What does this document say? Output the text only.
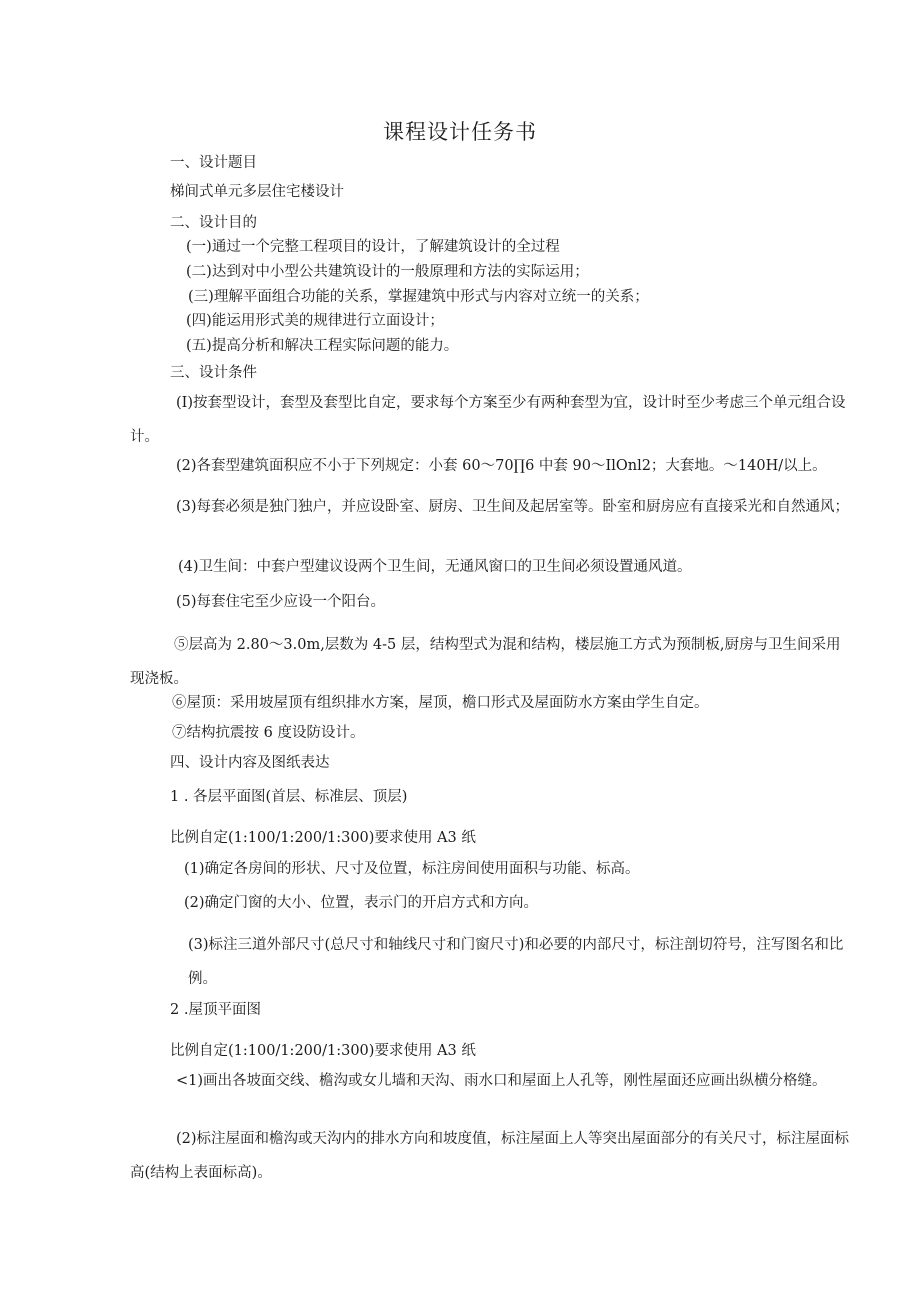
课程设计任务书
一、设计题目
梯间式单元多层住宅楼设计
二、设计目的
(一)通过一个完整工程项目的设计，了解建筑设计的全过程
(二)达到对中小型公共建筑设计的一般原理和方法的实际运用；
(三)理解平面组合功能的关系，掌握建筑中形式与内容对立统一的关系；
(四)能运用形式美的规律进行立面设计；
(五)提高分析和解决工程实际问题的能力。
三、设计条件
(I)按套型设计，套型及套型比自定，要求每个方案至少有两种套型为宜，设计时至少考虑三个单元组合设计。
(2)各套型建筑面积应不小于下列规定：小套 60～70∏6 中套 90～IlOnl2；大套地。～140H/以上。
(3)每套必须是独门独户，并应设卧室、厨房、卫生间及起居室等。卧室和厨房应有直接采光和自然通风；
(4)卫生间：中套户型建议设两个卫生间，无通风窗口的卫生间必须设置通风道。
(5)每套住宅至少应设一个阳台。
⑤层高为 2.80～3.0m,层数为 4-5 层，结构型式为混和结构，楼层施工方式为预制板,厨房与卫生间采用现浇板。
⑥屋顶：采用坡屋顶有组织排水方案，屋顶，檐口形式及屋面防水方案由学生自定。
⑦结构抗震按 6 度设防设计。
四、设计内容及图纸表达
1 . 各层平面图(首层、标准层、顶层)
比例自定(1:100/1:200/1:300)要求使用 A3 纸
(1)确定各房间的形状、尺寸及位置，标注房间使用面积与功能、标高。
(2)确定门窗的大小、位置，表示门的开启方式和方向。
(3)标注三道外部尺寸(总尺寸和轴线尺寸和门窗尺寸)和必要的内部尺寸，标注剖切符号，注写图名和比例。
2 .屋顶平面图
比例自定(1:100/1:200/1:300)要求使用 A3 纸
<1)画出各坡面交线、檐沟或女儿墙和天沟、雨水口和屋面上人孔等，刚性屋面还应画出纵横分格缝。
(2)标注屋面和檐沟或天沟内的排水方向和坡度值，标注屋面上人等突出屋面部分的有关尺寸，标注屋面标高(结构上表面标高)。
